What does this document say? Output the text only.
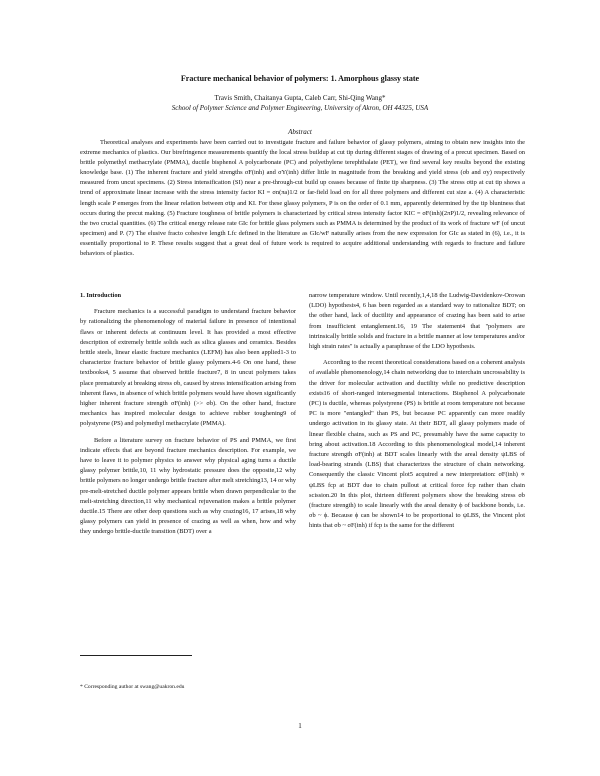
Fracture mechanical behavior of polymers: 1. Amorphous glassy state
Travis Smith, Chaitanya Gupta, Caleb Carr, Shi-Qing Wang*
School of Polymer Science and Polymer Engineering, University of Akron, OH 44325, USA
Abstract

Theoretical analyses and experiments have been carried out to investigate fracture and failure behavior of glassy polymers, aiming to obtain new insights into the extreme mechanics of plastics. Our birefringence measurements quantify the local stress buildup at cut tip during different stages of drawing of a precut specimen. Based on brittle polymethyl methacrylate (PMMA), ductile bisphenol A polycarbonate (PC) and polyethylene terephthalate (PET), we find several key results beyond the existing knowledge base. (1) The inherent fracture and yield strengths σF(inh) and σY(inh) differ little in magnitude from the breaking and yield stress (σb and σy) respectively measured from uncut specimens. (2) Stress intensification (SI) near a pre-through-cut build up ceases because of finite tip sharpness. (3) The stress σtip at cut tip shows a trend of approximate linear increase with the stress intensity factor KI = σn(πa)1/2 or far-field load σn for all three polymers and different cut size a. (4) A characteristic length scale P emerges from the linear relation between σtip and KI. For these glassy polymers, P is on the order of 0.1 mm, apparently determined by the tip bluntness that occurs during the precut making. (5) Fracture toughness of brittle polymers is characterized by critical stress intensity factor KIC = σF(inh)(2πP)1/2, revealing relevance of the two crucial quantities. (6) The critical energy release rate GIc for brittle glass polymers such as PMMA is determined by the product of its work of fracture wF (of uncut specimen) and P. (7) The elusive fracto cohesive length Lfc defined in the literature as GIc/wF naturally arises from the new expression for GIc as stated in (6), i.e., it is essentially proportional to P. These results suggest that a great deal of future work is required to acquire additional understanding with regards to fracture and failure behaviors of plastics.

1. Introduction

Fracture mechanics is a successful paradigm to understand fracture behavior by rationalizing the phenomenology of material failure in presence of intentional flaws or inherent defects at continuum level. It has provided a most effective description of extremely brittle solids such as silica glasses and ceramics. Besides brittle steels, linear elastic fracture mechanics (LEFM) has also been applied1-3 to characterize fracture behavior of brittle glassy polymers.4-6 On one hand, these textbooks4, 5 assume that observed brittle fracture7, 8 in uncut polymers takes place prematurely at breaking stress σb, caused by stress intensification arising from inherent flaws, in absence of which brittle polymers would have shown significantly higher inherent fracture strength σF(inh) (>> σb). On the other hand, fracture mechanics has inspired molecular design to achieve rubber toughening9 of polystyrene (PS) and polymethyl methacrylate (PMMA).

Before a literature survey on fracture behavior of PS and PMMA, we first indicate effects that are beyond fracture mechanics description. For example, we have to leave it to polymer physics to answer why physical aging turns a ductile glassy polymer brittle,10, 11 why hydrostatic pressure does the opposite,12 why brittle polymers no longer undergo brittle fracture after melt stretching13, 14 or why pre-melt-stretched ductile polymer appears brittle when drawn perpendicular to the melt-stretching direction,11 why mechanical rejuvenation makes a brittle polymer ductile.15 There are other deep questions such as why crazing16, 17 arises,18 why glassy polymers can yield in presence of crazing as well as when, how and why they undergo brittle-ductile transition (BDT) over a

narrow temperature window. Until recently,1,4,18 the Ludwig-Davidenkov-Orowan (LDO) hypothesis4, 6 has been regarded as a standard way to rationalize BDT; on the other hand, lack of ductility and appearance of crazing has been said to arise from insufficient entanglement.16, 19 The statement4 that "polymers are intrinsically brittle solids and fracture in a brittle manner at low temperatures and/or high strain rates" is actually a paraphrase of the LDO hypothesis.

According to the recent theoretical considerations based on a coherent analysis of available phenomenology,14 chain networking due to interchain uncrossability is the driver for molecular activation and ductility while no predictive description exists16 of short-ranged intersegmental interactions. Bisphenol A polycarbonate (PC) is ductile, whereas polystyrene (PS) is brittle at room temperature not because PC is more "entangled" than PS, but because PC apparently can more readily undergo activation in its glassy state. At their BDT, all glassy polymers made of linear flexible chains, such as PS and PC, presumably have the same capacity to bring about activation.18 According to this phenomenological model,14 inherent fracture strength σF(inh) at BDT scales linearly with the areal density ψLBS of load-bearing strands (LBS) that characterizes the structure of chain networking. Consequently the classic Vincent plot5 acquired a new interpretation: σF(inh) ∝ ψLBS fcp at BDT due to chain pullout at critical force fcp rather than chain scission.20 In this plot, thirteen different polymers show the breaking stress σb (fracture strength) to scale linearly with the areal density ϕ of backbone bonds, i.e. σb ~ ϕ. Because ϕ can be shown14 to be proportional to ψLBS, the Vincent plot hints that σb ~ σF(inh) if fcp is the same for the different

* Corresponding author at swang@uakron.edu
1
